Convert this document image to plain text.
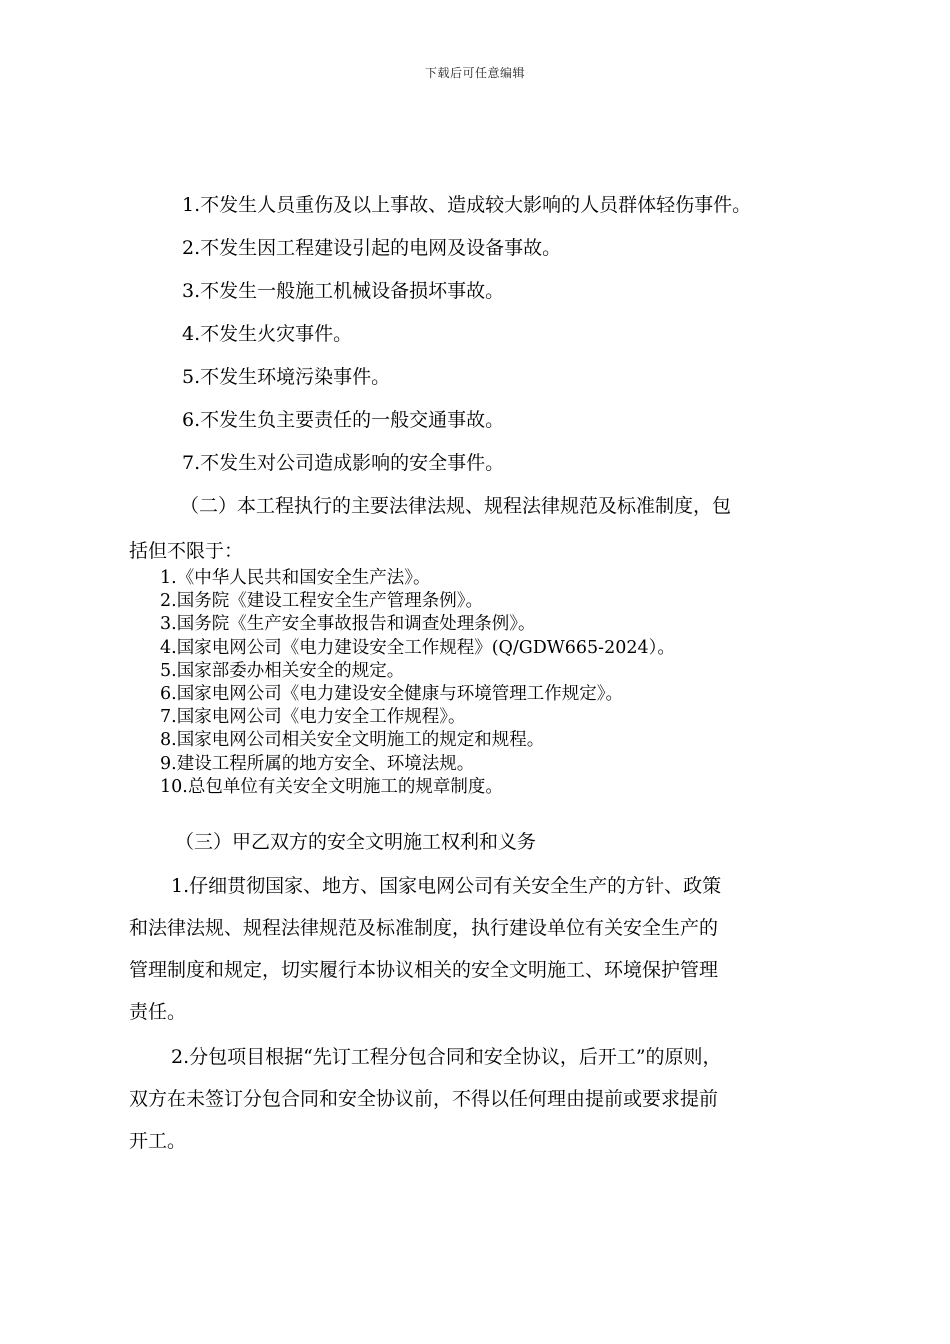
下载后可任意编辑
1.不发生人员重伤及以上事故、造成较大影响的人员群体轻伤事件。
2.不发生因工程建设引起的电网及设备事故。
3.不发生一般施工机械设备损坏事故。
4.不发生火灾事件。
5.不发生环境污染事件。
6.不发生负主要责任的一般交通事故。
7.不发生对公司造成影响的安全事件。
（二）本工程执行的主要法律法规、规程法律规范及标准制度，包
括但不限于：
1.《中华人民共和国安全生产法》。
2.国务院《建设工程安全生产管理条例》。
3.国务院《生产安全事故报告和调查处理条例》。
4.国家电网公司《电力建设安全工作规程》(Q/GDW665-2024）。
5.国家部委办相关安全的规定。
6.国家电网公司《电力建设安全健康与环境管理工作规定》。
7.国家电网公司《电力安全工作规程》。
8.国家电网公司相关安全文明施工的规定和规程。
9.建设工程所属的地方安全、环境法规。
10.总包单位有关安全文明施工的规章制度。
（三）甲乙双方的安全文明施工权利和义务
1.仔细贯彻国家、地方、国家电网公司有关安全生产的方针、政策
和法律法规、规程法律规范及标准制度，执行建设单位有关安全生产的
管理制度和规定，切实履行本协议相关的安全文明施工、环境保护管理
责任。
2.分包项目根据“先订工程分包合同和安全协议，后开工”的原则，
双方在未签订分包合同和安全协议前，不得以任何理由提前或要求提前
开工。
